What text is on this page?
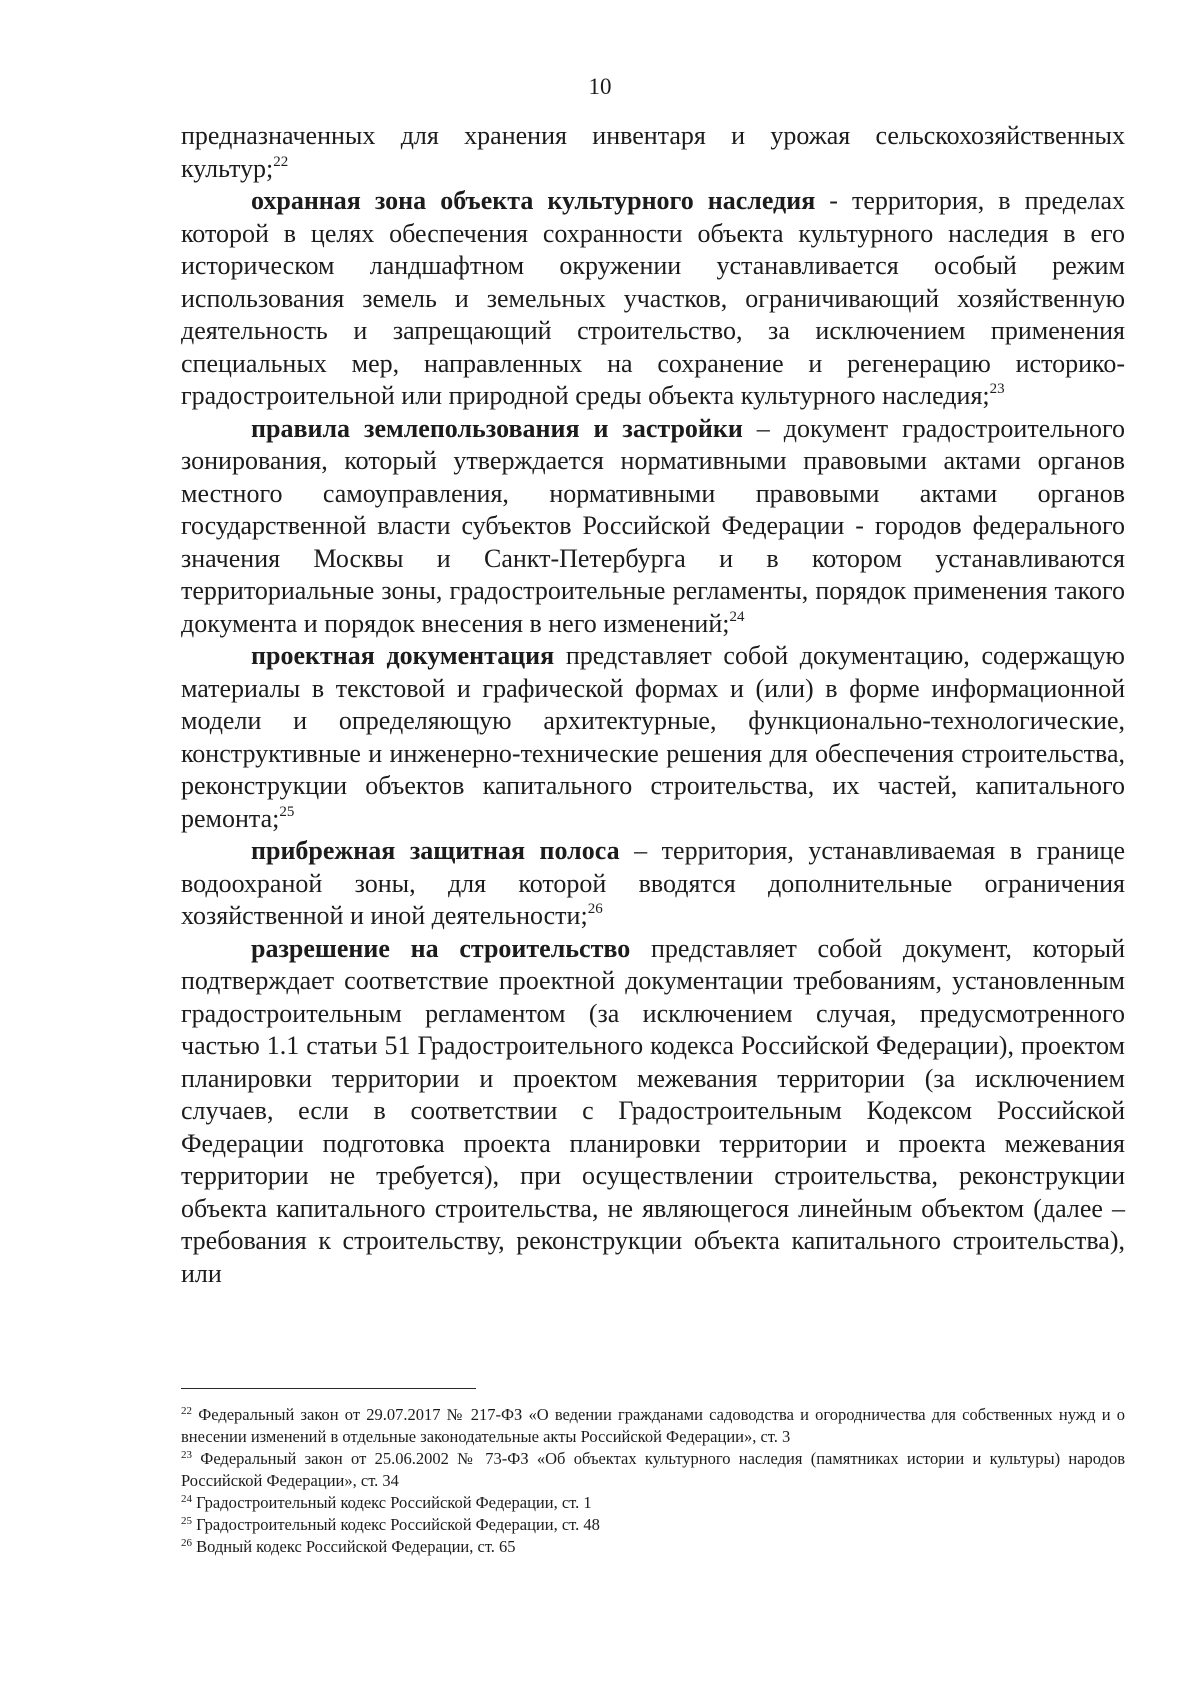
10

предназначенных для хранения инвентаря и урожая сельскохозяйственных культур;$^{22}$

охранная зона объекта культурного наследия - территория, в пределах которой в целях обеспечения сохранности объекта культурного наследия в его историческом ландшафтном окружении устанавливается особый режим использования земель и земельных участков, ограничивающий хозяйственную деятельность и запрещающий строительство, за исключением применения специальных мер, направленных на сохранение и регенерацию историко-градостроительной или природной среды объекта культурного наследия;$^{23}$

правила землепользования и застройки – документ градостроительного зонирования, который утверждается нормативными правовыми актами органов местного самоуправления, нормативными правовыми актами органов государственной власти субъектов Российской Федерации - городов федерального значения Москвы и Санкт-Петербурга и в котором устанавливаются территориальные зоны, градостроительные регламенты, порядок применения такого документа и порядок внесения в него изменений;$^{24}$

проектная документация представляет собой документацию, содержащую материалы в текстовой и графической формах и (или) в форме информационной модели и определяющую архитектурные, функционально-технологические, конструктивные и инженерно-технические решения для обеспечения строительства, реконструкции объектов капитального строительства, их частей, капитального ремонта;$^{25}$

прибрежная защитная полоса – территория, устанавливаемая в границе водоохраной зоны, для которой вводятся дополнительные ограничения хозяйственной и иной деятельности;$^{26}$

разрешение на строительство представляет собой документ, который подтверждает соответствие проектной документации требованиям, установленным градостроительным регламентом (за исключением случая, предусмотренного частью 1.1 статьи 51 Градостроительного кодекса Российской Федерации), проектом планировки территории и проектом межевания территории (за исключением случаев, если в соответствии с Градостроительным Кодексом Российской Федерации подготовка проекта планировки территории и проекта межевания территории не требуется), при осуществлении строительства, реконструкции объекта капитального строительства, не являющегося линейным объектом (далее – требования к строительству, реконструкции объекта капитального строительства), или

$^{22}$ Федеральный закон от 29.07.2017 № 217-ФЗ «О ведении гражданами садоводства и огородничества для собственных нужд и о внесении изменений в отдельные законодательные акты Российской Федерации», ст. 3

$^{23}$ Федеральный закон от 25.06.2002 № 73-ФЗ «Об объектах культурного наследия (памятниках истории и культуры) народов Российской Федерации», ст. 34

$^{24}$ Градостроительный кодекс Российской Федерации, ст. 1

$^{25}$ Градостроительный кодекс Российской Федерации, ст. 48

$^{26}$ Водный кодекс Российской Федерации, ст. 65
